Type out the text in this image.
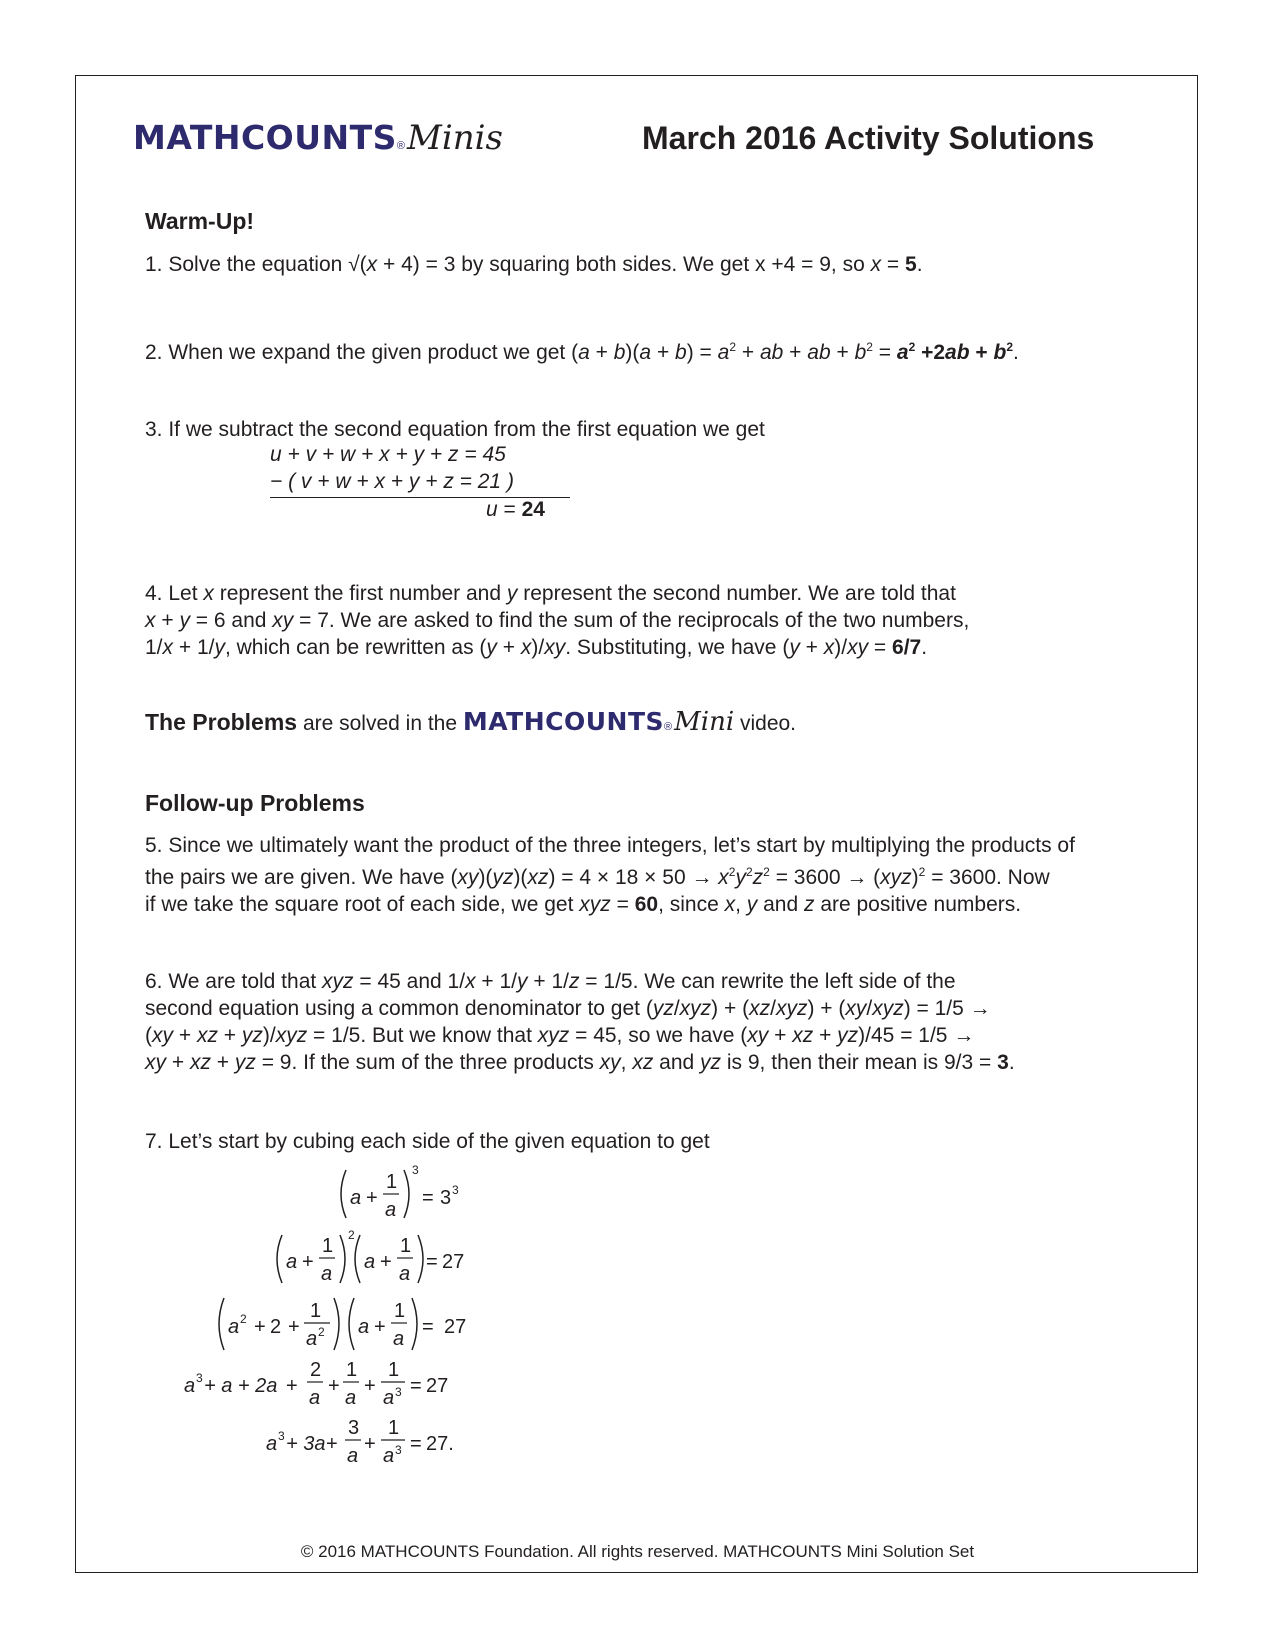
MATHCOUNTS ® Minis	March 2016 Activity Solutions
Warm-Up!
1. Solve the equation √(x + 4) = 3 by squaring both sides. We get x +4 = 9, so x = 5.
2. When we expand the given product we get $(a + b)(a + b) = a^2$ + ab + ab + $b^2 = a^2 +2ab + b^2$.
3. If we subtract the second equation from the first equation we get
u + v + w + x + y + z = 45
− ( v + w + x + y + z = 21 )
u = 24
4. Let x represent the first number and y represent the second number. We are told that
x + y = 6 and xy = 7. We are asked to find the sum of the reciprocals of the two numbers,
1/x + 1/y, which can be rewritten as (y + x)/xy. Substituting, we have (y + x)/xy = 6/7.
The Problems are solved in the MATHCOUNTS ® Mini video.
Follow-up Problems
5. Since we ultimately want the product of the three integers, let’s start by multiplying the products of
the pairs we are given. We have $(xy)(yz)(xz) = 4 \times 18 \times 50 \to x^2y^2z^2 = 3600 \to (xyz)^2 = 3600$. Now
if we take the square root of each side, we get xyz = 60, since x, y and z are positive numbers.
6. We are told that xyz = 45 and 1/x + 1/y + 1/z = 1/5. We can rewrite the left side of the
second equation using a common denominator to get (yz/xyz) + (xz/xyz) + (xy/xyz) = 1/5 →
(xy + xz + yz)/xyz = 1/5. But we know that xyz = 45, so we have (xy + xz + yz)/45 = 1/5 →
xy + xz + yz = 9. If the sum of the three products xy, xz and yz is 9, then their mean is 9/3 = 3.
7. Let’s start by cubing each side of the given equation to get
a +
1
a
3
= 3 3
a +
1
a
2
a +
1
a
= 27
a 2 + 2 +
1
a 2 a +
1
a
= 27
a 3 + a + 2a +
2
a
+
1
a
+
1
a 3 = 27
a 3 + 3a +
3
a
+
1
a 3 = 27.
© 2016 MATHCOUNTS Foundation. All rights reserved. MATHCOUNTS Mini Solution Set
